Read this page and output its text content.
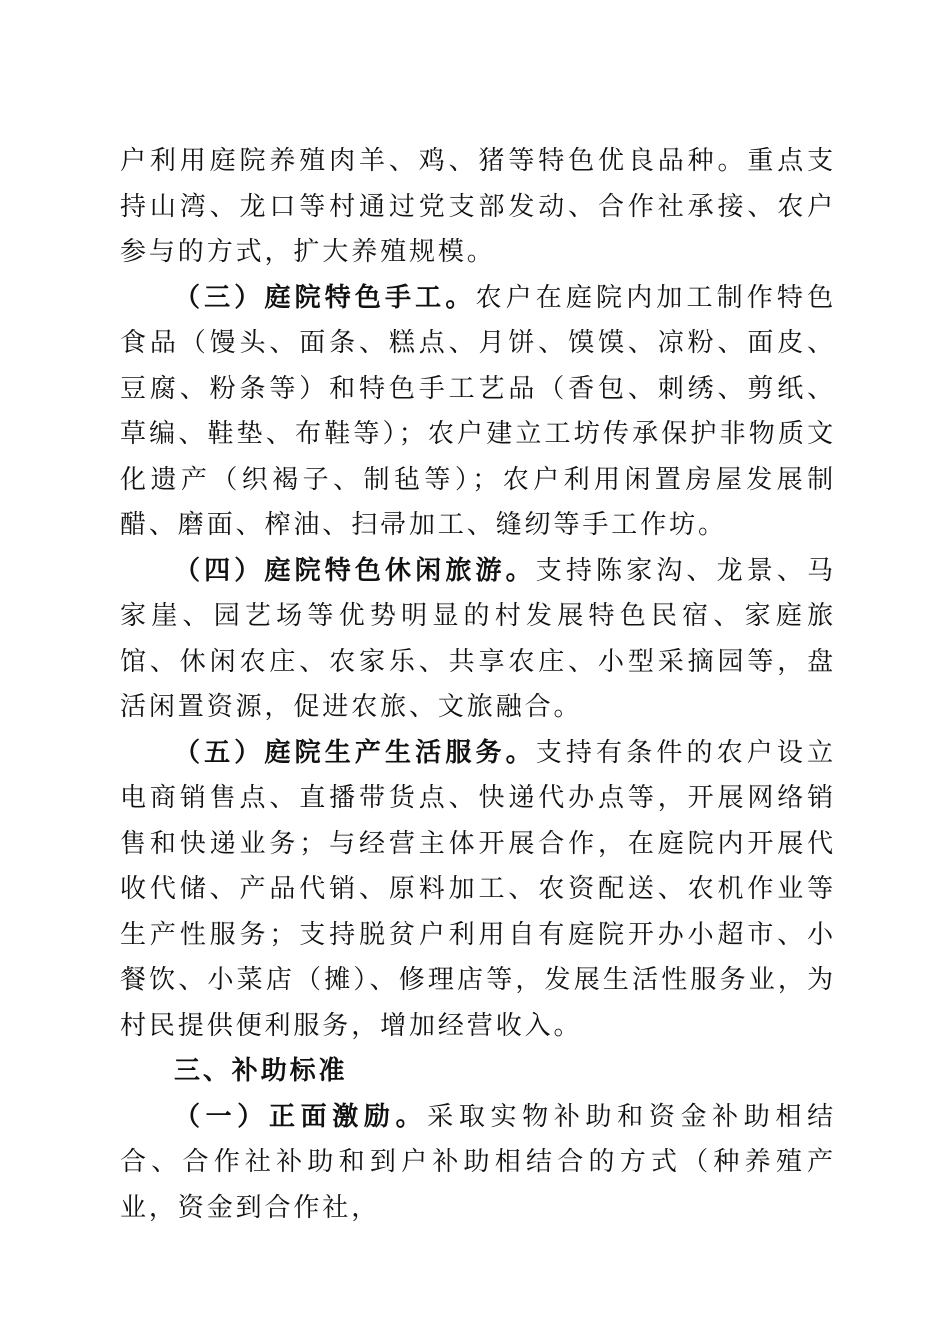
户利用庭院养殖肉羊、鸡、猪等特色优良品种。重点支持山湾、龙口等村通过党支部发动、合作社承接、农户参与的方式，扩大养殖规模。

（三）庭院特色手工。农户在庭院内加工制作特色食品（馒头、面条、糕点、月饼、馍馍、凉粉、面皮、豆腐、粉条等）和特色手工艺品（香包、刺绣、剪纸、草编、鞋垫、布鞋等）；农户建立工坊传承保护非物质文化遗产（织褐子、制毡等）；农户利用闲置房屋发展制醋、磨面、榨油、扫帚加工、缝纫等手工作坊。

（四）庭院特色休闲旅游。支持陈家沟、龙景、马家崖、园艺场等优势明显的村发展特色民宿、家庭旅馆、休闲农庄、农家乐、共享农庄、小型采摘园等，盘活闲置资源，促进农旅、文旅融合。

（五）庭院生产生活服务。支持有条件的农户设立电商销售点、直播带货点、快递代办点等，开展网络销售和快递业务；与经营主体开展合作，在庭院内开展代收代储、产品代销、原料加工、农资配送、农机作业等生产性服务；支持脱贫户利用自有庭院开办小超市、小餐饮、小菜店（摊）、修理店等，发展生活性服务业，为村民提供便利服务，增加经营收入。

三、补助标准

（一）正面激励。采取实物补助和资金补助相结合、合作社补助和到户补助相结合的方式（种养殖产业，资金到合作社，
